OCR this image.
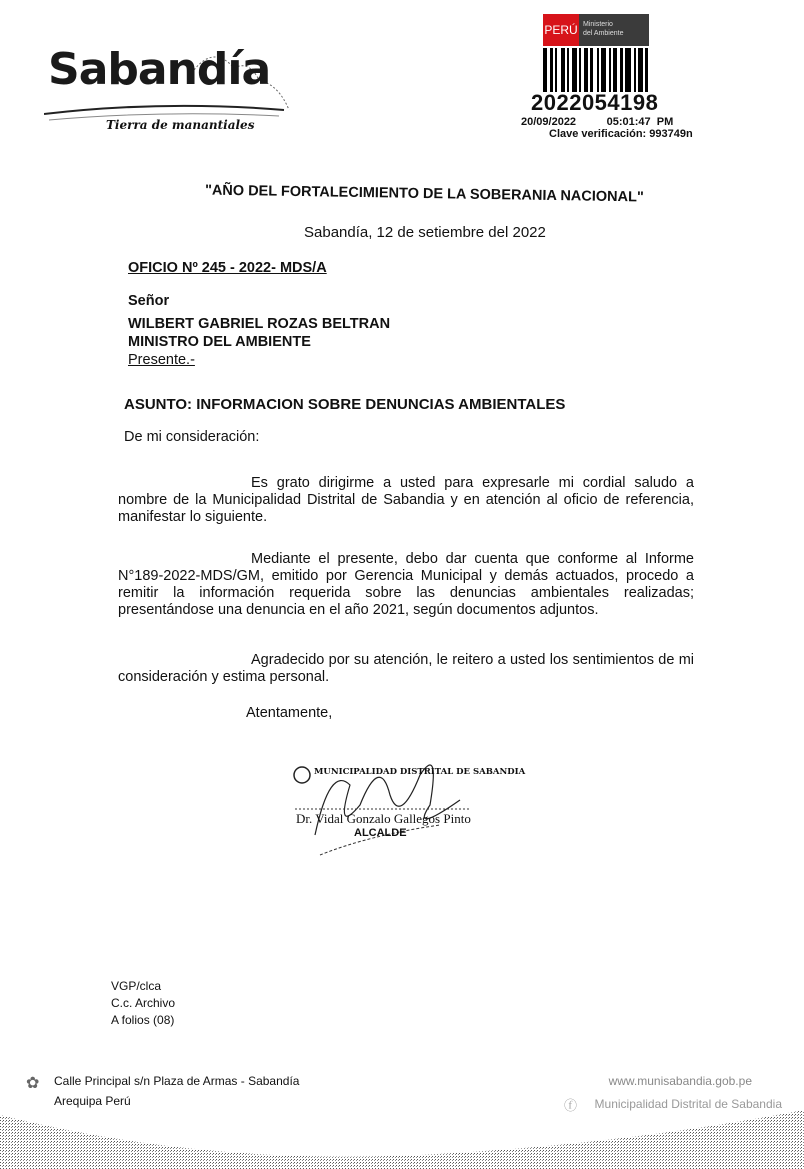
Sabandía
Tierra de manantiales
PERÚ Ministerio
del Ambiente
2022054198
20/09/2022	05:01:47  PM
Clave verificación: 993749n
"AÑO DEL FORTALECIMIENTO DE LA SOBERANIA NACIONAL"
Sabandía, 12 de setiembre del 2022
OFICIO Nº 245 - 2022- MDS/A
Señor
WILBERT GABRIEL ROZAS BELTRAN
MINISTRO DEL AMBIENTE
Presente.-
ASUNTO: INFORMACION SOBRE DENUNCIAS AMBIENTALES
De mi consideración:
Es grato dirigirme a usted para expresarle mi cordial saludo a nombre de la Municipalidad Distrital de Sabandia y en atención al oficio de referencia, manifestar lo siguiente.
Mediante el presente, debo dar cuenta que conforme al Informe N°189-2022-MDS/GM, emitido por Gerencia Municipal y demás actuados, procedo a remitir la información requerida sobre las denuncias ambientales realizadas; presentándose una denuncia en el año 2021, según documentos adjuntos.
Agradecido por su atención, le reitero a usted los sentimientos de mi consideración y estima personal.
Atentamente,
MUNICIPALIDAD DISTRITAL DE SABANDIA
Dr. Vidal Gonzalo Gallegos Pinto
ALCALDE
VGP/clca
C.c. Archivo
A folios (08)
✿ Calle Principal s/n Plaza de Armas - Sabandía
Arequipa Perú
www.munisabandia.gob.pe
ⓕ Municipalidad Distrital de Sabandia
